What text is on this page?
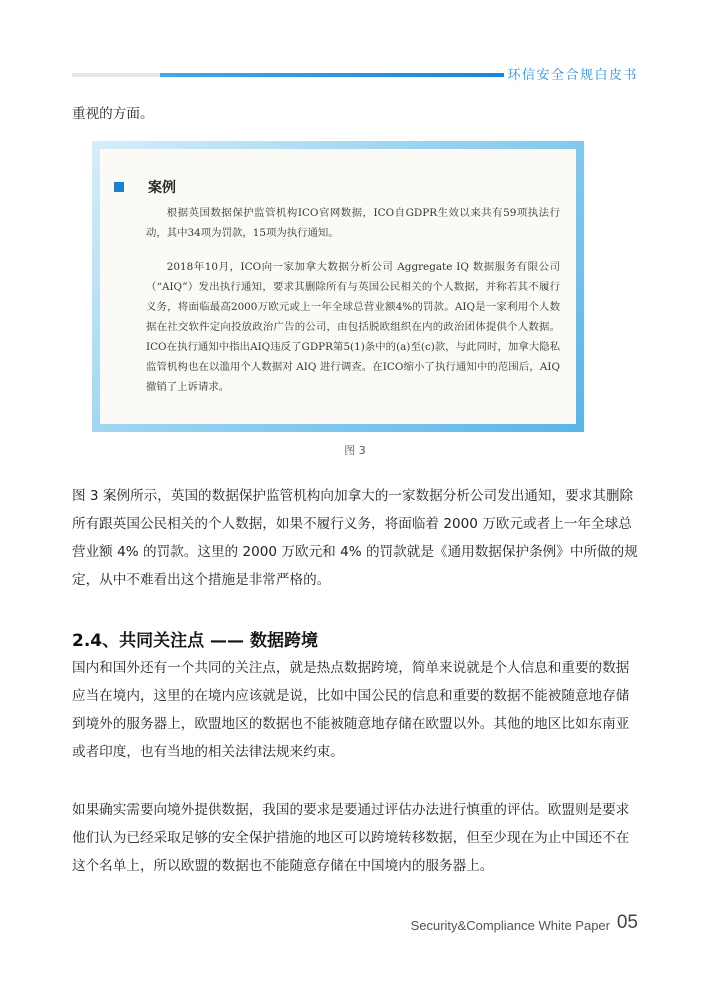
环信安全合规白皮书
重视的方面。
案例
根据英国数据保护监管机构ICO官网数据，ICO自GDPR生效以来共有59项执法行动，其中34项为罚款，15项为执行通知。
2018年10月，ICO向一家加拿大数据分析公司 Aggregate IQ 数据服务有限公司（“AIQ”）发出执行通知，要求其删除所有与英国公民相关的个人数据，并称若其不履行义务，将面临最高2000万欧元或上一年全球总营业额4%的罚款。AIQ是一家利用个人数据在社交软件定向投放政治广告的公司，由包括脱欧组织在内的政治团体提供个人数据。ICO在执行通知中指出AIQ违反了GDPR第5(1)条中的(a)至(c)款，与此同时，加拿大隐私监管机构也在以滥用个人数据对 AIQ 进行调查。在ICO缩小了执行通知中的范围后，AIQ撤销了上诉请求。
图 3
图 3 案例所示，英国的数据保护监管机构向加拿大的一家数据分析公司发出通知，要求其删除所有跟英国公民相关的个人数据，如果不履行义务，将面临着 2000 万欧元或者上一年全球总营业额 4% 的罚款。这里的 2000 万欧元和 4% 的罚款就是《通用数据保护条例》中所做的规定，从中不难看出这个措施是非常严格的。
2.4、共同关注点 —— 数据跨境
国内和国外还有一个共同的关注点，就是热点数据跨境，简单来说就是个人信息和重要的数据应当在境内，这里的在境内应该就是说，比如中国公民的信息和重要的数据不能被随意地存储到境外的服务器上，欧盟地区的数据也不能被随意地存储在欧盟以外。其他的地区比如东南亚或者印度，也有当地的相关法律法规来约束。
如果确实需要向境外提供数据，我国的要求是要通过评估办法进行慎重的评估。欧盟则是要求他们认为已经采取足够的安全保护措施的地区可以跨境转移数据，但至少现在为止中国还不在这个名单上，所以欧盟的数据也不能随意存储在中国境内的服务器上。
Security&Compliance White Paper 05
